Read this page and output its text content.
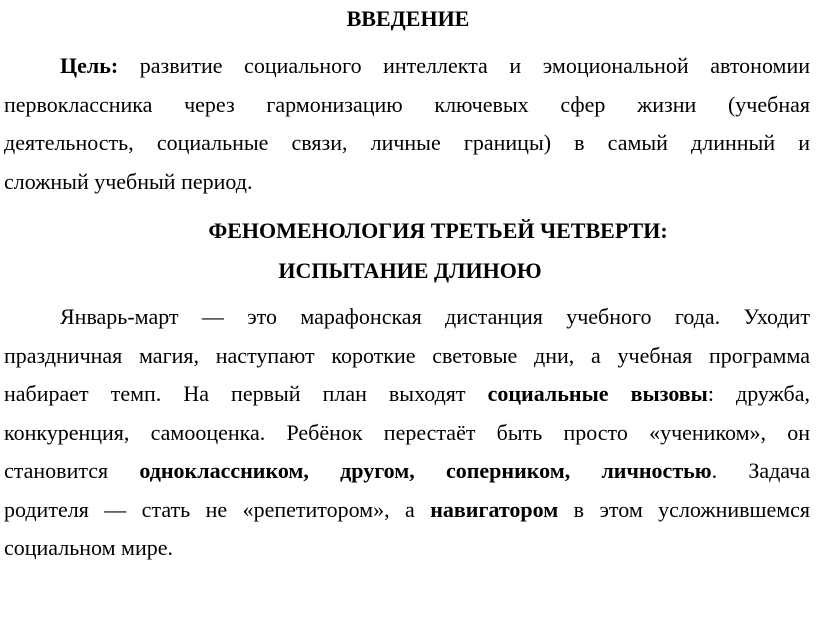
ВВЕДЕНИЕ
Цель: развитие социального интеллекта и эмоциональной автономии
первоклассника через гармонизацию ключевых сфер жизни (учебная
деятельность, социальные связи, личные границы) в самый длинный и
сложный учебный период.
ФЕНОМЕНОЛОГИЯ ТРЕТЬЕЙ ЧЕТВЕРТИ:
ИСПЫТАНИЕ ДЛИНОЮ
Январь-март — это марафонская дистанция учебного года. Уходит
праздничная магия, наступают короткие световые дни, а учебная программа
набирает темп. На первый план выходят социальные вызовы: дружба,
конкуренция, самооценка. Ребёнок перестаёт быть просто «учеником», он
становится одноклассником, другом, соперником, личностью. Задача
родителя — стать не «репетитором», а навигатором в этом усложнившемся
социальном мире.
